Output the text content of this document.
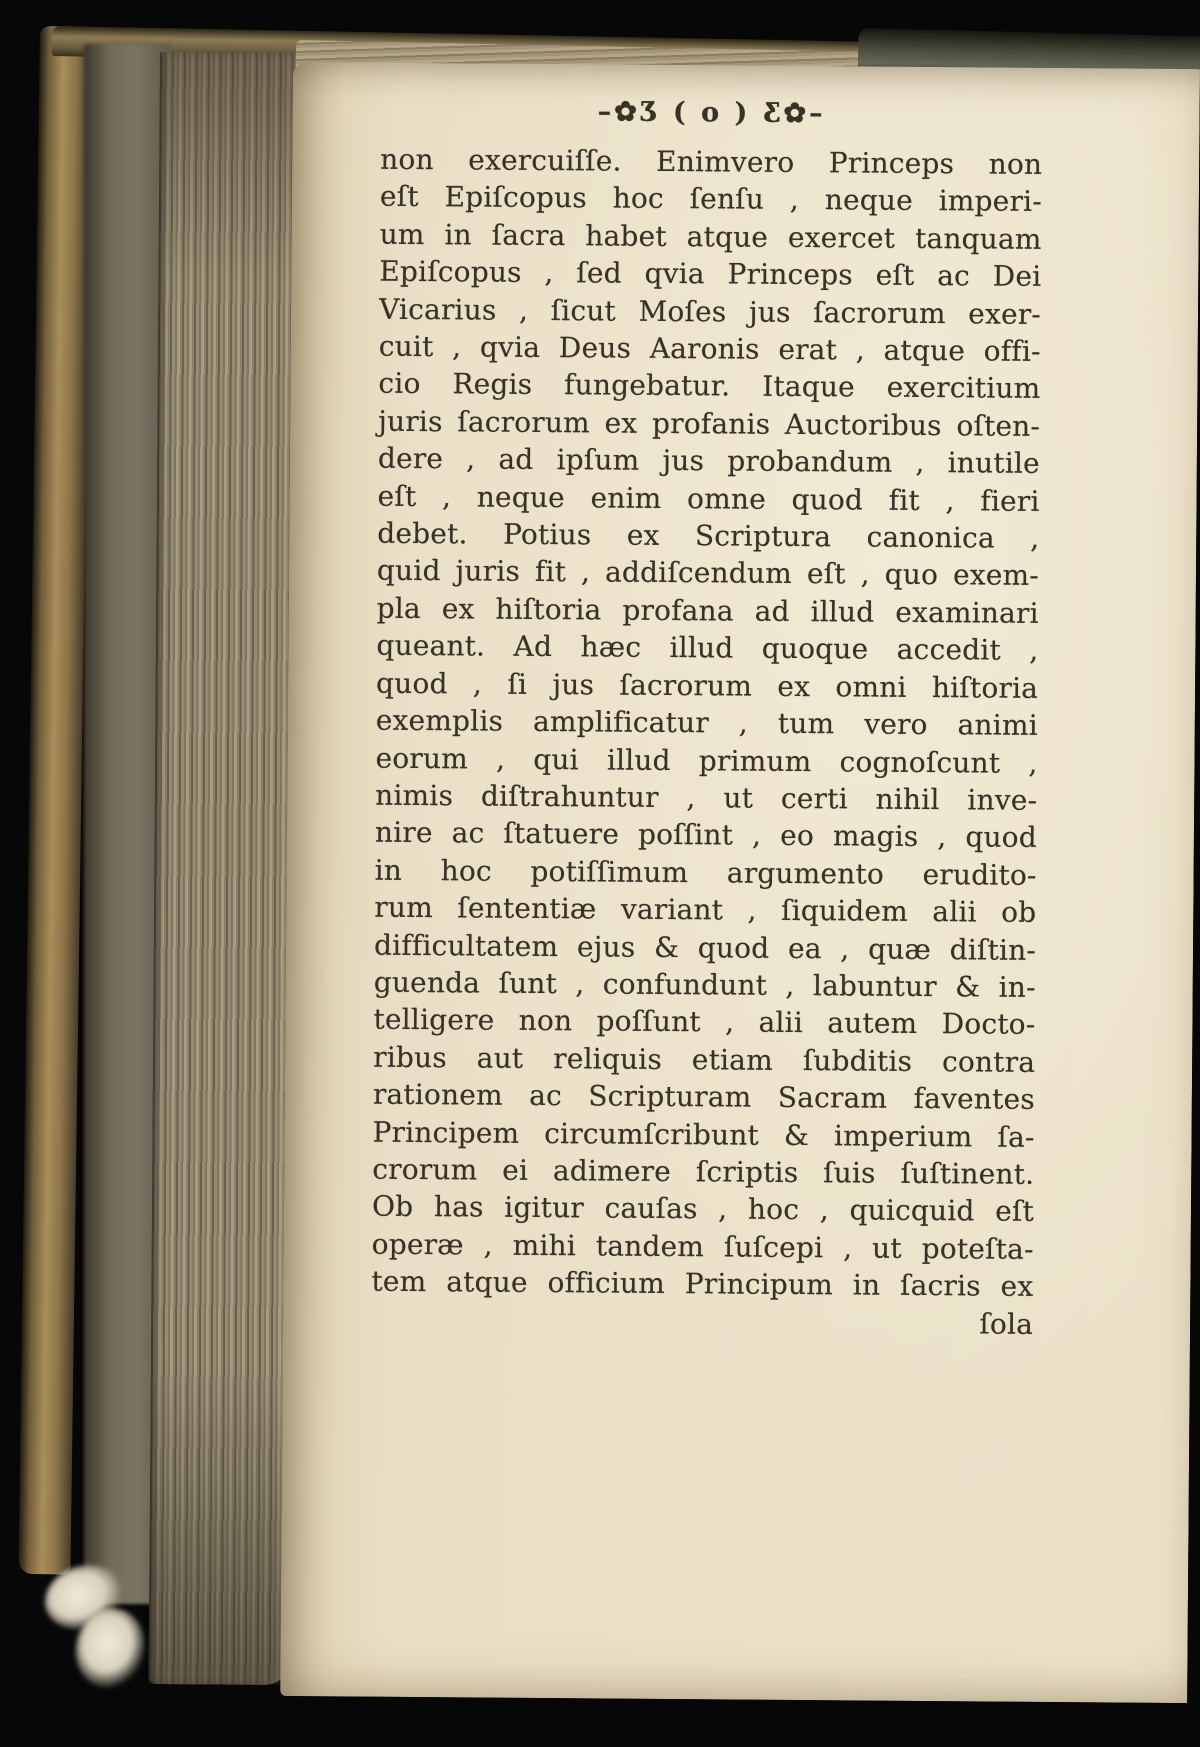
–✿Ʒ ( o ) Ƹ✿–
non exercuiſſe. Enimvero Princeps non
eſt Epiſcopus hoc ſenſu , neque imperi-
um in ſacra habet atque exercet tanquam
Epiſcopus , ſed qvia Princeps eſt ac Dei
Vicarius , ſicut Moſes jus ſacrorum exer-
cuit , qvia Deus Aaronis erat , atque offi-
cio Regis fungebatur. Itaque exercitium
juris ſacrorum ex profanis Auctoribus oſten-
dere , ad ipſum jus probandum , inutile
eſt , neque enim omne quod fit , fieri
debet. Potius ex Scriptura canonica ,
quid juris fit , addiſcendum eſt , quo exem-
pla ex hiſtoria profana ad illud examinari
queant. Ad hæc illud quoque accedit ,
quod , ſi jus ſacrorum ex omni hiſtoria
exemplis amplificatur , tum vero animi
eorum , qui illud primum cognoſcunt ,
nimis diſtrahuntur , ut certi nihil inve-
nire ac ſtatuere poſſint , eo magis , quod
in hoc potiſſimum argumento erudito-
rum ſententiæ variant , ſiquidem alii ob
difficultatem ejus & quod ea , quæ diſtin-
guenda ſunt , confundunt , labuntur & in-
telligere non poſſunt , alii autem Docto-
ribus aut reliquis etiam ſubditis contra
rationem ac Scripturam Sacram faventes
Principem circumſcribunt & imperium ſa-
crorum ei adimere ſcriptis ſuis ſuſtinent.
Ob has igitur cauſas , hoc , quicquid eſt
operæ , mihi tandem ſuſcepi , ut poteſta-
tem atque officium Principum in ſacris ex
ſola
